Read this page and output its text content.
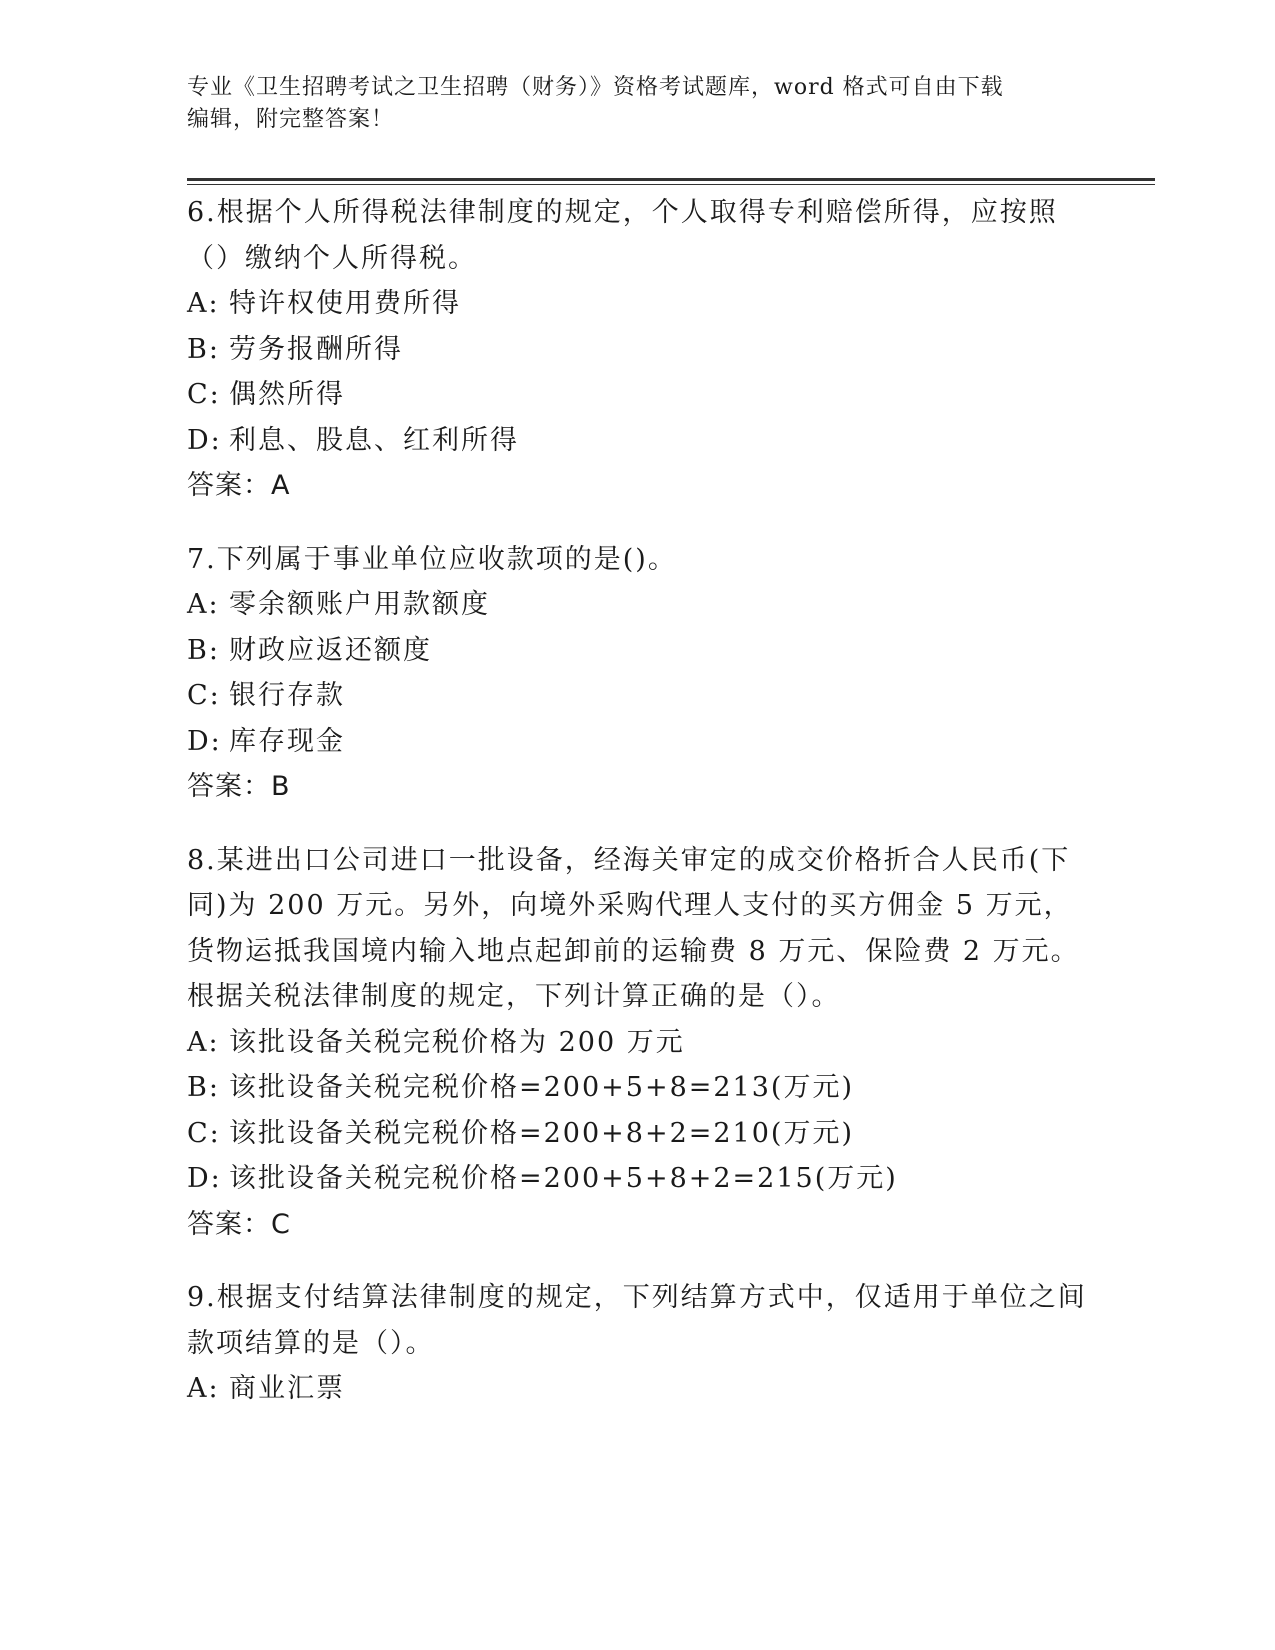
专业《卫生招聘考试之卫生招聘（财务）》资格考试题库，word 格式可自由下载

编辑，附完整答案！

6.根据个人所得税法律制度的规定，个人取得专利赔偿所得，应按照（）缴纳个人所得税。

A: 特许权使用费所得

B: 劳务报酬所得

C: 偶然所得

D: 利息、股息、红利所得

答案：A

7.下列属于事业单位应收款项的是()。

A: 零余额账户用款额度

B: 财政应返还额度

C: 银行存款

D: 库存现金

答案：B

8.某进出口公司进口一批设备，经海关审定的成交价格折合人民币(下同)为 200 万元。另外，向境外采购代理人支付的买方佣金 5 万元，货物运抵我国境内输入地点起卸前的运输费 8 万元、保险费 2 万元。根据关税法律制度的规定，下列计算正确的是（）。

A: 该批设备关税完税价格为 200 万元

B: 该批设备关税完税价格=200+5+8=213(万元)

C: 该批设备关税完税价格=200+8+2=210(万元)

D: 该批设备关税完税价格=200+5+8+2=215(万元)

答案：C

9.根据支付结算法律制度的规定，下列结算方式中，仅适用于单位之间款项结算的是（）。

A: 商业汇票
